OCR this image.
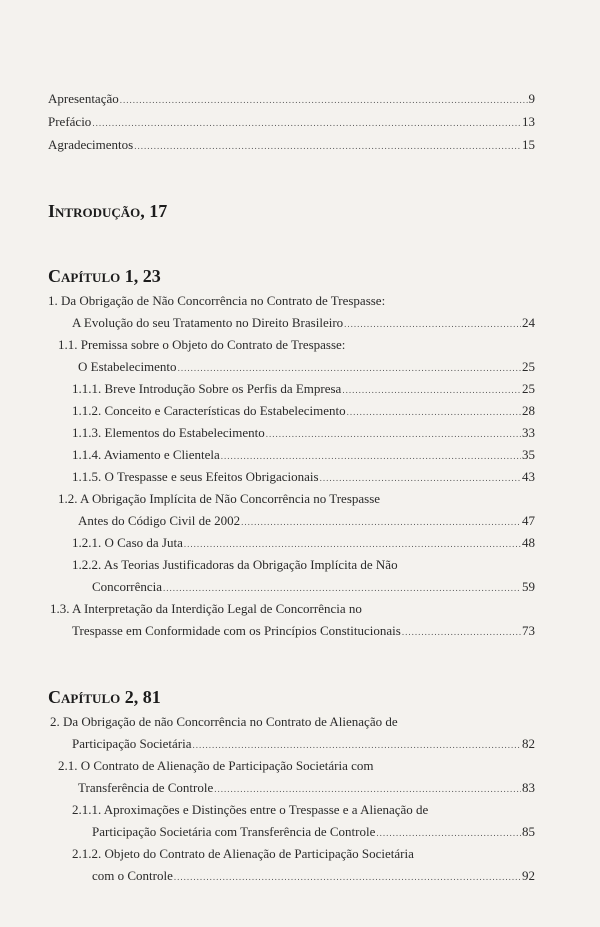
Apresentação .....	9
Prefácio .....	13
Agradecimentos .....	15
Introdução, 17
Capítulo 1, 23
1. Da Obrigação de Não Concorrência no Contrato de Trespasse:
A Evolução do seu Tratamento no Direito Brasileiro .....	24
1.1. Premissa sobre o Objeto do Contrato de Trespasse:
O Estabelecimento .....	25
1.1.1. Breve Introdução Sobre os Perfis da Empresa .....	25
1.1.2. Conceito e Características do Estabelecimento .....	28
1.1.3. Elementos do Estabelecimento .....	33
1.1.4. Aviamento e Clientela .....	35
1.1.5. O Trespasse e seus Efeitos Obrigacionais .....	43
1.2. A Obrigação Implícita de Não Concorrência no Trespasse
Antes do Código Civil de 2002 .....	47
1.2.1. O Caso da Juta .....	48
1.2.2. As Teorias Justificadoras da Obrigação Implícita de Não
Concorrência .....	59
1.3. A Interpretação da Interdição Legal de Concorrência no
Trespasse em Conformidade com os Princípios Constitucionais .....	73
Capítulo 2, 81
2. Da Obrigação de não Concorrência no Contrato de Alienação de
Participação Societária .....	82
2.1. O Contrato de Alienação de Participação Societária com
Transferência de Controle .....	83
2.1.1. Aproximações e Distinções entre o Trespasse e a Alienação de
Participação Societária com Transferência de Controle .....	85
2.1.2. Objeto do Contrato de Alienação de Participação Societária
com o Controle .....	92
